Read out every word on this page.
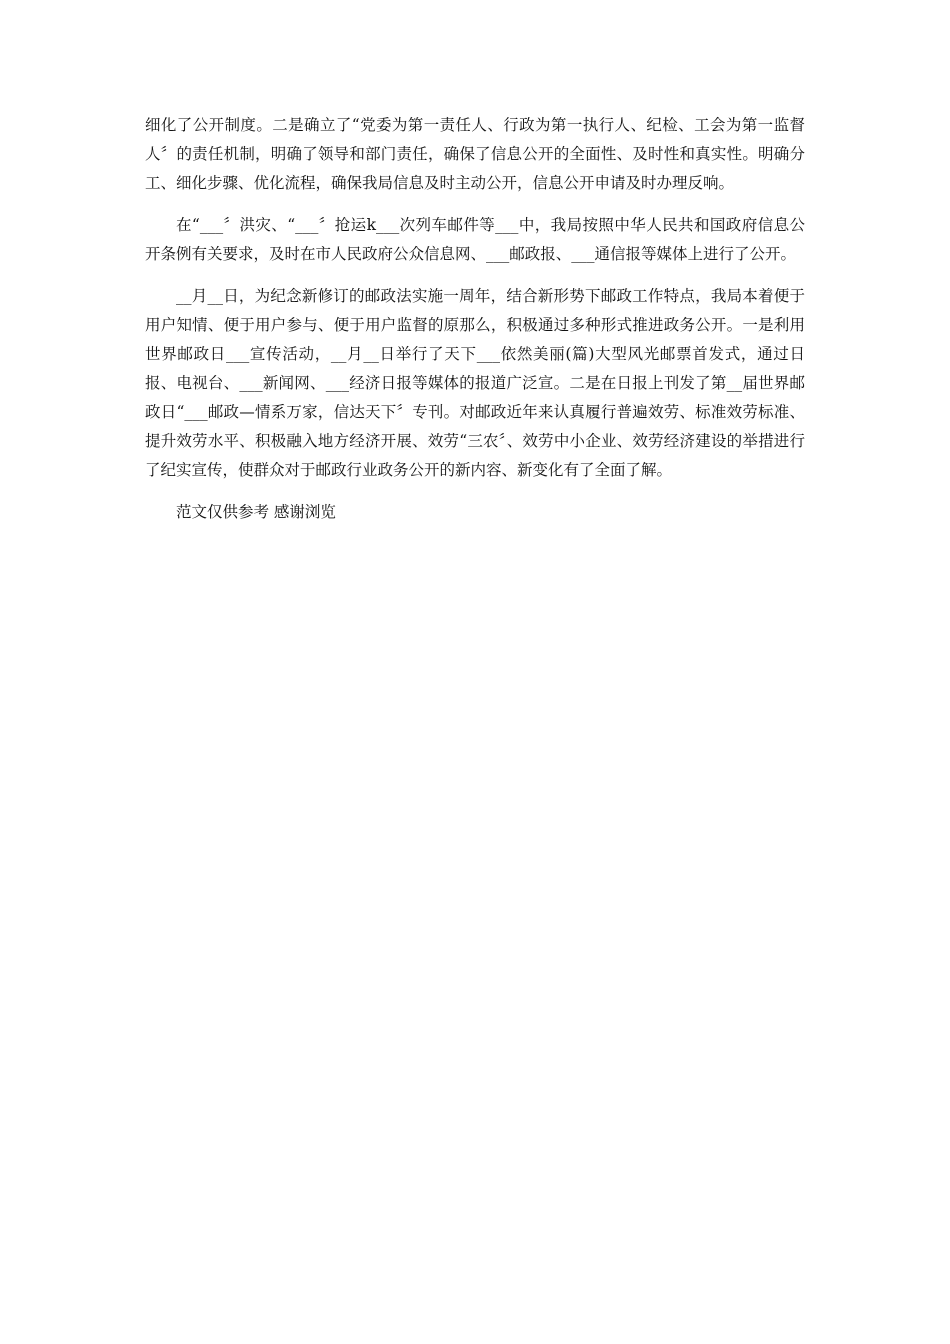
细化了公开制度。二是确立了“党委为第一责任人、行政为第一执行人、纪检、工会为第一监督人〞的责任机制，明确了领导和部门责任，确保了信息公开的全面性、及时性和真实性。明确分工、细化步骤、优化流程，确保我局信息及时主动公开，信息公开申请及时办理反响。

在“___〞洪灾、“___〞抢运k___次列车邮件等___中，我局按照中华人民共和国政府信息公开条例有关要求，及时在市人民政府公众信息网、___邮政报、___通信报等媒体上进行了公开。

__月__日，为纪念新修订的邮政法实施一周年，结合新形势下邮政工作特点，我局本着便于用户知情、便于用户参与、便于用户监督的原那么，积极通过多种形式推进政务公开。一是利用世界邮政日___宣传活动，__月__日举行了天下___依然美丽(篇)大型风光邮票首发式，通过日报、电视台、___新闻网、___经济日报等媒体的报道广泛宣。二是在日报上刊发了第__届世界邮政日“___邮政—情系万家，信达天下〞专刊。对邮政近年来认真履行普遍效劳、标准效劳标准、提升效劳水平、积极融入地方经济开展、效劳“三农〞、效劳中小企业、效劳经济建设的举措进行了纪实宣传，使群众对于邮政行业政务公开的新内容、新变化有了全面了解。

范文仅供参考 感谢浏览
